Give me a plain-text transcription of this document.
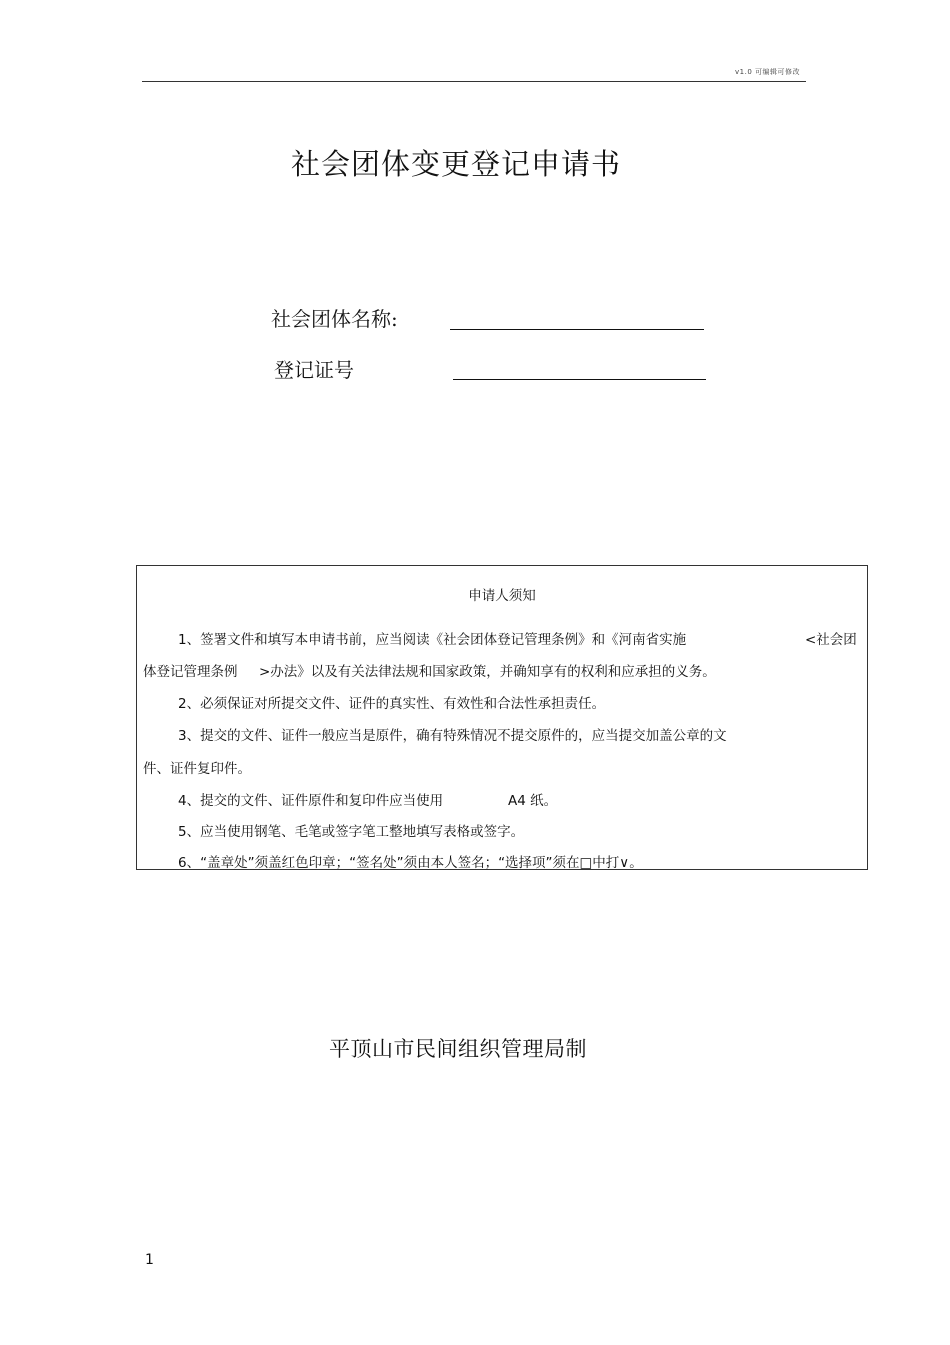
v1.0 可编辑可修改
社会团体变更登记申请书
社会团体名称:
登记证号
申请人须知
1、签署文件和填写本申请书前，应当阅读《社会团体登记管理条例》和《河南省实施	<社会团
体登记管理条例 >办法》以及有关法律法规和国家政策，并确知享有的权利和应承担的义务。
2、必须保证对所提交文件、证件的真实性、有效性和合法性承担责任。
3、提交的文件、证件一般应当是原件，确有特殊情况不提交原件的，应当提交加盖公章的文
件、证件复印件。
4、提交的文件、证件原件和复印件应当使用	A4 纸。
5、应当使用钢笔、毛笔或签字笔工整地填写表格或签字。
6、“盖章处”须盖红色印章；“签名处”须由本人签名；“选择项”须在□中打∨。
平顶山市民间组织管理局制
1
